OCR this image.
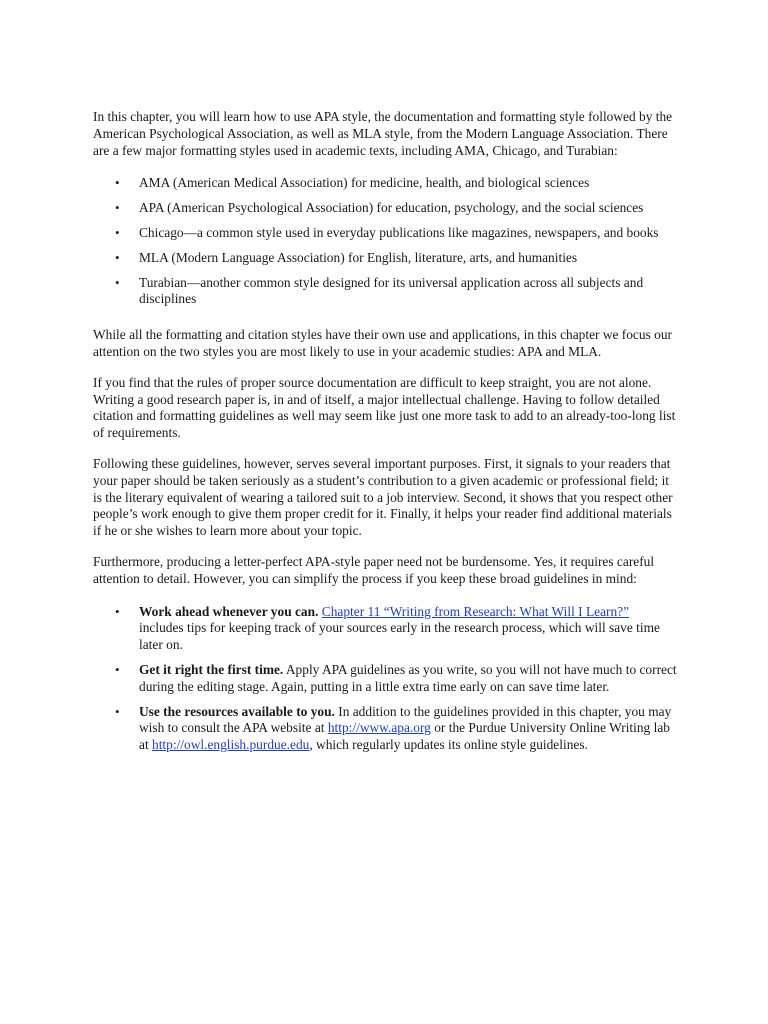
In this chapter, you will learn how to use APA style, the documentation and formatting style followed by the American Psychological Association, as well as MLA style, from the Modern Language Association. There are a few major formatting styles used in academic texts, including AMA, Chicago, and Turabian:

• AMA (American Medical Association) for medicine, health, and biological sciences
• APA (American Psychological Association) for education, psychology, and the social sciences
• Chicago—a common style used in everyday publications like magazines, newspapers, and books
• MLA (Modern Language Association) for English, literature, arts, and humanities
• Turabian—another common style designed for its universal application across all subjects and disciplines

While all the formatting and citation styles have their own use and applications, in this chapter we focus our attention on the two styles you are most likely to use in your academic studies: APA and MLA.

If you find that the rules of proper source documentation are difficult to keep straight, you are not alone. Writing a good research paper is, in and of itself, a major intellectual challenge. Having to follow detailed citation and formatting guidelines as well may seem like just one more task to add to an already-too-long list of requirements.

Following these guidelines, however, serves several important purposes. First, it signals to your readers that your paper should be taken seriously as a student’s contribution to a given academic or professional field; it is the literary equivalent of wearing a tailored suit to a job interview. Second, it shows that you respect other people’s work enough to give them proper credit for it. Finally, it helps your reader find additional materials if he or she wishes to learn more about your topic.

Furthermore, producing a letter-perfect APA-style paper need not be burdensome. Yes, it requires careful attention to detail. However, you can simplify the process if you keep these broad guidelines in mind:

• Work ahead whenever you can. Chapter 11 “Writing from Research: What Will I Learn?” includes tips for keeping track of your sources early in the research process, which will save time later on.
• Get it right the first time. Apply APA guidelines as you write, so you will not have much to correct during the editing stage. Again, putting in a little extra time early on can save time later.
• Use the resources available to you. In addition to the guidelines provided in this chapter, you may wish to consult the APA website at http://www.apa.org or the Purdue University Online Writing lab at http://owl.english.purdue.edu, which regularly updates its online style guidelines.
